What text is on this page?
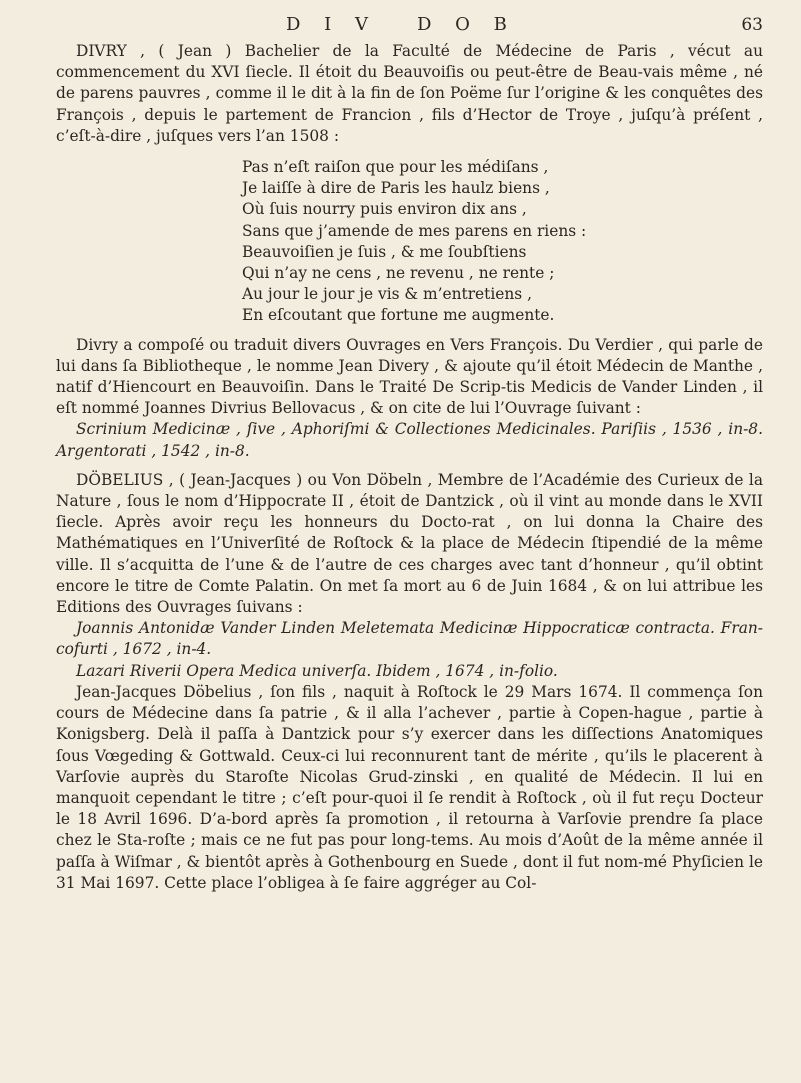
D I V D O B	63

DIVRY , ( Jean ) Bachelier de la Faculté de Médecine de Paris , vécut au commencement du XVI ſiecle. Il étoit du Beauvoiſis ou peut-être de Beau-vais même , né de parens pauvres , comme il le dit à la fin de ſon Poëme ſur l’origine & les conquêtes des François , depuis le partement de Francion , fils d’Hector de Troye , juſqu’à préſent , c’eſt-à-dire , juſques vers l’an 1508 :

Pas n’eſt raiſon que pour les médiſans ,
Je laiſſe à dire de Paris les haulz biens ,
Où ſuis nourry puis environ dix ans ,
Sans que j’amende de mes parens en riens :
Beauvoiſien je ſuis , & me ſoubſtiens
Qui n’ay ne cens , ne revenu , ne rente ;
Au jour le jour je vis & m’entretiens ,
En eſcoutant que fortune me augmente.

Divry a compoſé ou traduit divers Ouvrages en Vers François. Du Verdier , qui parle de lui dans ſa Bibliotheque , le nomme Jean Divery , & ajoute qu’il étoit Médecin de Manthe , natif d’Hiencourt en Beauvoiſin. Dans le Traité De Scrip-tis Medicis de Vander Linden , il eſt nommé Joannes Divrius Bellovacus , & on cite de lui l’Ouvrage ſuivant :

Scrinium Medicinæ , ſive , Aphoriſmi & Collectiones Medicinales. Pariſiis , 1536 , in-8. Argentorati , 1542 , in-8.

DÖBELIUS , ( Jean-Jacques ) ou Von Döbeln , Membre de l’Académie des Curieux de la Nature , ſous le nom d’Hippocrate II , étoit de Dantzick , où il vint au monde dans le XVII ſiecle. Après avoir reçu les honneurs du Docto-rat , on lui donna la Chaire des Mathématiques en l’Univerſité de Roſtock & la place de Médecin ſtipendié de la même ville. Il s’acquitta de l’une & de l’autre de ces charges avec tant d’honneur , qu’il obtint encore le titre de Comte Palatin. On met ſa mort au 6 de Juin 1684 , & on lui attribue les Editions des Ouvrages ſuivans :

Joannis Antonidæ Vander Linden Meletemata Medicinæ Hippocraticæ contracta. Fran-cofurti , 1672 , in-4.

Lazari Riverii Opera Medica univerſa. Ibidem , 1674 , in-folio.

Jean-Jacques Döbelius , ſon fils , naquit à Roſtock le 29 Mars 1674. Il commença ſon cours de Médecine dans ſa patrie , & il alla l’achever , partie à Copen-hague , partie à Konigsberg. Delà il paſſa à Dantzick pour s’y exercer dans les diſſections Anatomiques ſous Vœgeding & Gottwald. Ceux-ci lui reconnurent tant de mérite , qu’ils le placerent à Varſovie auprès du Staroſte Nicolas Grud-zinski , en qualité de Médecin. Il lui en manquoit cependant le titre ; c’eſt pour-quoi il ſe rendit à Roſtock , où il fut reçu Docteur le 18 Avril 1696. D’a-bord après ſa promotion , il retourna à Varſovie prendre ſa place chez le Sta-roſte ; mais ce ne fut pas pour long-tems. Au mois d’Août de la même année il paſſa à Wiſmar , & bientôt après à Gothenbourg en Suede , dont il fut nom-mé Phyſicien le 31 Mai 1697. Cette place l’obligea à ſe faire aggréger au Col-
